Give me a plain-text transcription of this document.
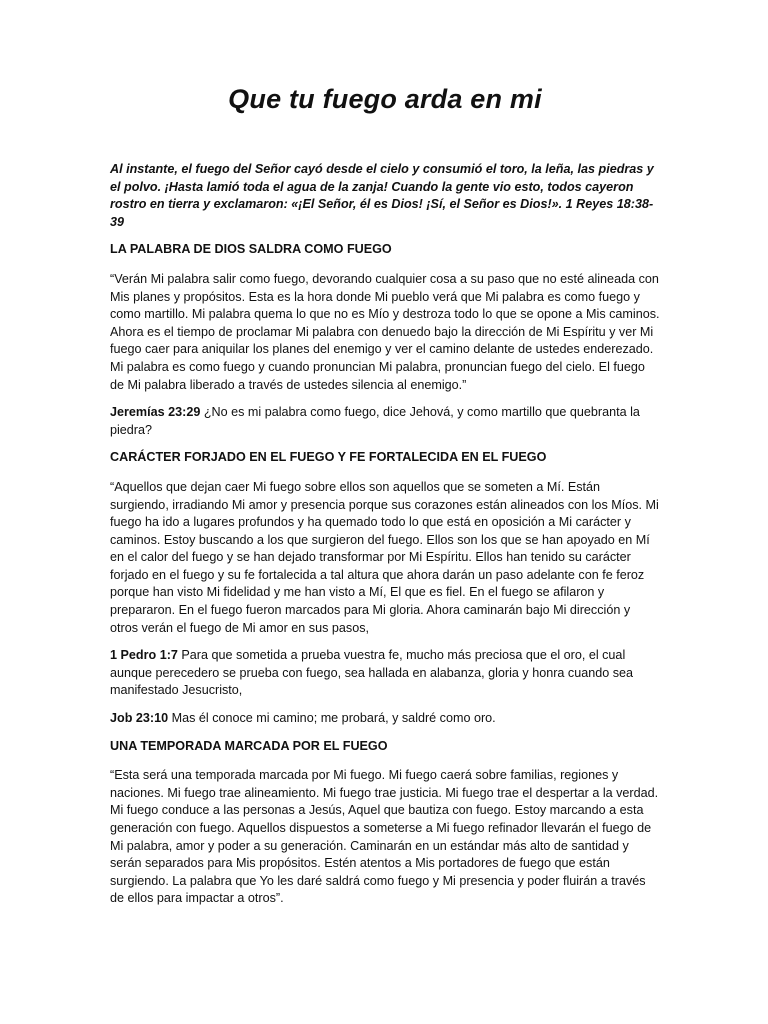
Que tu fuego arda en mi

Al instante, el fuego del Señor cayó desde el cielo y consumió el toro, la leña, las piedras y el polvo. ¡Hasta lamió toda el agua de la zanja! Cuando la gente vio esto, todos cayeron rostro en tierra y exclamaron: «¡El Señor, él es Dios! ¡Sí, el Señor es Dios!». 1 Reyes 18:38-39

LA PALABRA DE DIOS SALDRA COMO FUEGO

“Verán Mi palabra salir como fuego, devorando cualquier cosa a su paso que no esté alineada con Mis planes y propósitos. Esta es la hora donde Mi pueblo verá que Mi palabra es como fuego y como martillo. Mi palabra quema lo que no es Mío y destroza todo lo que se opone a Mis caminos. Ahora es el tiempo de proclamar Mi palabra con denuedo bajo la dirección de Mi Espíritu y ver Mi fuego caer para aniquilar los planes del enemigo y ver el camino delante de ustedes enderezado. Mi palabra es como fuego y cuando pronuncian Mi palabra, pronuncian fuego del cielo. El fuego de Mi palabra liberado a través de ustedes silencia al enemigo.”

Jeremías 23:29 ¿No es mi palabra como fuego, dice Jehová, y como martillo que quebranta la piedra?

CARÁCTER FORJADO EN EL FUEGO Y FE FORTALECIDA EN EL FUEGO

“Aquellos que dejan caer Mi fuego sobre ellos son aquellos que se someten a Mí. Están surgiendo, irradiando Mi amor y presencia porque sus corazones están alineados con los Míos. Mi fuego ha ido a lugares profundos y ha quemado todo lo que está en oposición a Mi carácter y caminos. Estoy buscando a los que surgieron del fuego. Ellos son los que se han apoyado en Mí en el calor del fuego y se han dejado transformar por Mi Espíritu. Ellos han tenido su carácter forjado en el fuego y su fe fortalecida a tal altura que ahora darán un paso adelante con fe feroz porque han visto Mi fidelidad y me han visto a Mí, El que es fiel. En el fuego se afilaron y prepararon. En el fuego fueron marcados para Mi gloria. Ahora caminarán bajo Mi dirección y otros verán el fuego de Mi amor en sus pasos,

1 Pedro 1:7 Para que sometida a prueba vuestra fe, mucho más preciosa que el oro, el cual aunque perecedero se prueba con fuego, sea hallada en alabanza, gloria y honra cuando sea manifestado Jesucristo,

Job 23:10 Mas él conoce mi camino; me probará, y saldré como oro.

UNA TEMPORADA MARCADA POR EL FUEGO

“Esta será una temporada marcada por Mi fuego. Mi fuego caerá sobre familias, regiones y naciones. Mi fuego trae alineamiento. Mi fuego trae justicia. Mi fuego trae el despertar a la verdad. Mi fuego conduce a las personas a Jesús, Aquel que bautiza con fuego. Estoy marcando a esta generación con fuego. Aquellos dispuestos a someterse a Mi fuego refinador llevarán el fuego de Mi palabra, amor y poder a su generación. Caminarán en un estándar más alto de santidad y serán separados para Mis propósitos. Estén atentos a Mis portadores de fuego que están surgiendo. La palabra que Yo les daré saldrá como fuego y Mi presencia y poder fluirán a través de ellos para impactar a otros”.
